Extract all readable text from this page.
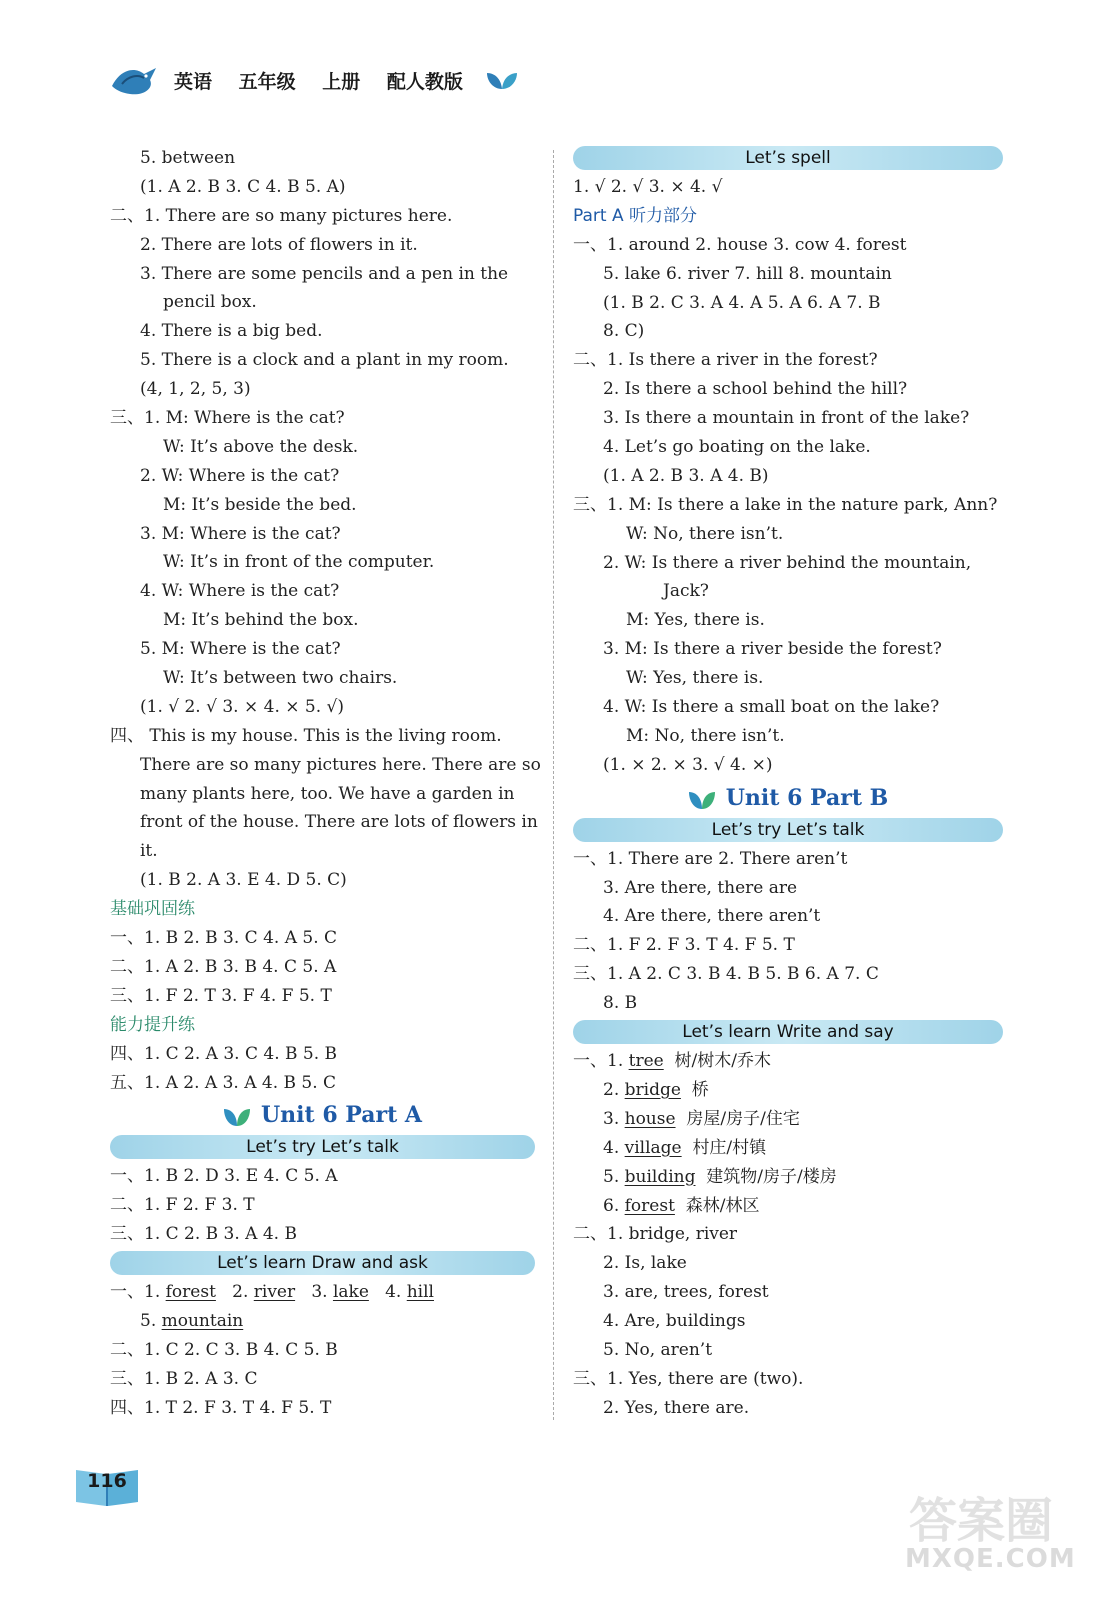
英语 五年级 上册 配人教版
5. between
(1. A 2. B 3. C 4. B 5. A)
二、1. There are so many pictures here.
2. There are lots of flowers in it.
3. There are some pencils and a pen in the
pencil box.
4. There is a big bed.
5. There is a clock and a plant in my room.
(4, 1, 2, 5, 3)
三、1. M: Where is the cat?
W: It’s above the desk.
2. W: Where is the cat?
M: It’s beside the bed.
3. M: Where is the cat?
W: It’s in front of the computer.
4. W: Where is the cat?
M: It’s behind the box.
5. M: Where is the cat?
W: It’s between two chairs.
(1. √ 2. √ 3. × 4. × 5. √)
四、 This is my house. This is the living room.
There are so many pictures here. There are so
many plants here, too. We have a garden in
front of the house. There are lots of flowers in
it.
(1. B 2. A 3. E 4. D 5. C)
基础巩固练
一、1. B 2. B 3. C 4. A 5. C
二、1. A 2. B 3. B 4. C 5. A
三、1. F 2. T 3. F 4. F 5. T
能力提升练
四、1. C 2. A 3. C 4. B 5. B
五、1. A 2. A 3. A 4. B 5. C
Unit 6 Part A
Let’s try Let’s talk
一、1. B 2. D 3. E 4. C 5. A
二、1. F 2. F 3. T
三、1. C 2. B 3. A 4. B
Let’s learn Draw and ask
一、1. forest 2. river 3. lake 4. hill
5. mountain
二、1. C 2. C 3. B 4. C 5. B
三、1. B 2. A 3. C
四、1. T 2. F 3. T 4. F 5. T
Let’s spell
1. √ 2. √ 3. × 4. √
Part A 听力部分
一、1. around 2. house 3. cow 4. forest
5. lake 6. river 7. hill 8. mountain
(1. B 2. C 3. A 4. A 5. A 6. A 7. B
8. C)
二、1. Is there a river in the forest?
2. Is there a school behind the hill?
3. Is there a mountain in front of the lake?
4. Let’s go boating on the lake.
(1. A 2. B 3. A 4. B)
三、1. M: Is there a lake in the nature park, Ann?
W: No, there isn’t.
2. W: Is there a river behind the mountain,
Jack?
M: Yes, there is.
3. M: Is there a river beside the forest?
W: Yes, there is.
4. W: Is there a small boat on the lake?
M: No, there isn’t.
(1. × 2. × 3. √ 4. ×)
Unit 6 Part B
Let’s try Let’s talk
一、1. There are 2. There aren’t
3. Are there, there are
4. Are there, there aren’t
二、1. F 2. F 3. T 4. F 5. T
三、1. A 2. C 3. B 4. B 5. B 6. A 7. C
8. B
Let’s learn Write and say
一、1. tree 树/树木/乔木
2. bridge 桥
3. house 房屋/房子/住宅
4. village 村庄/村镇
5. building 建筑物/房子/楼房
6. forest 森林/林区
二、1. bridge, river
2. Is, lake
3. are, trees, forest
4. Are, buildings
5. No, aren’t
三、1. Yes, there are (two).
2. Yes, there are.
116
答案圈
MXQE.COM
